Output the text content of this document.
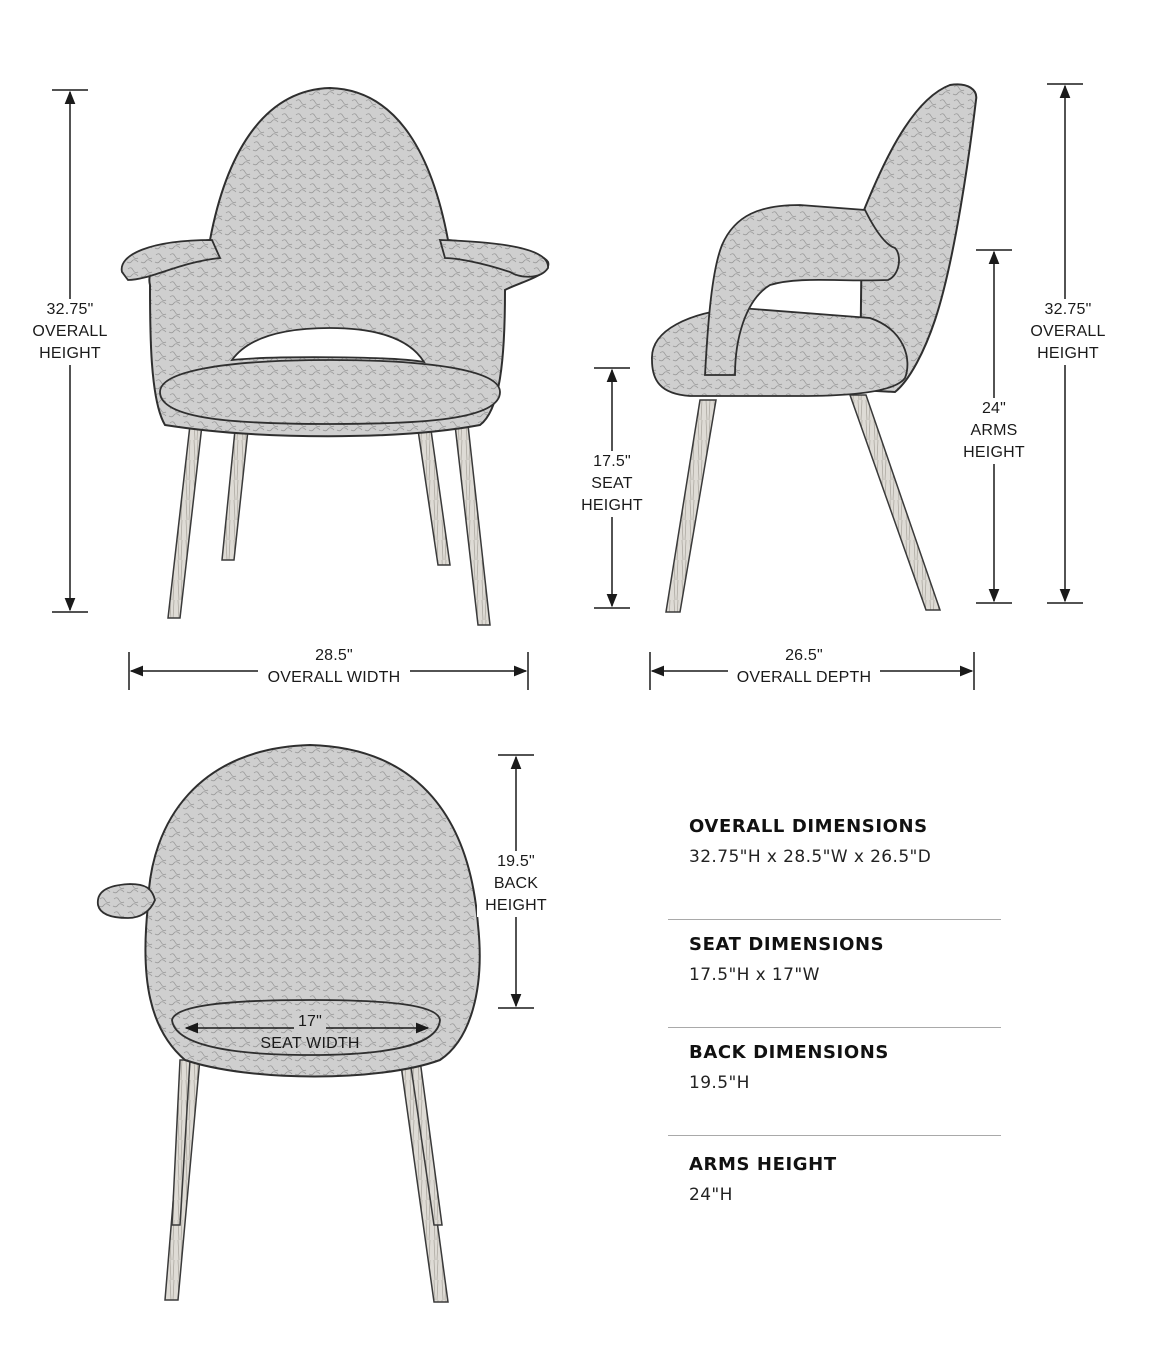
32.75"
OVERALL
HEIGHT
28.5"
OVERALL WIDTH
17.5"
SEAT
HEIGHT
24"
ARMS
HEIGHT
32.75"
OVERALL
HEIGHT
26.5"
OVERALL DEPTH
19.5"
BACK
HEIGHT
17"
SEAT WIDTH
OVERALL DIMENSIONS
32.75"H x 28.5"W x 26.5"D
SEAT DIMENSIONS
17.5"H x 17"W
BACK DIMENSIONS
19.5"H
ARMS HEIGHT
24"H
